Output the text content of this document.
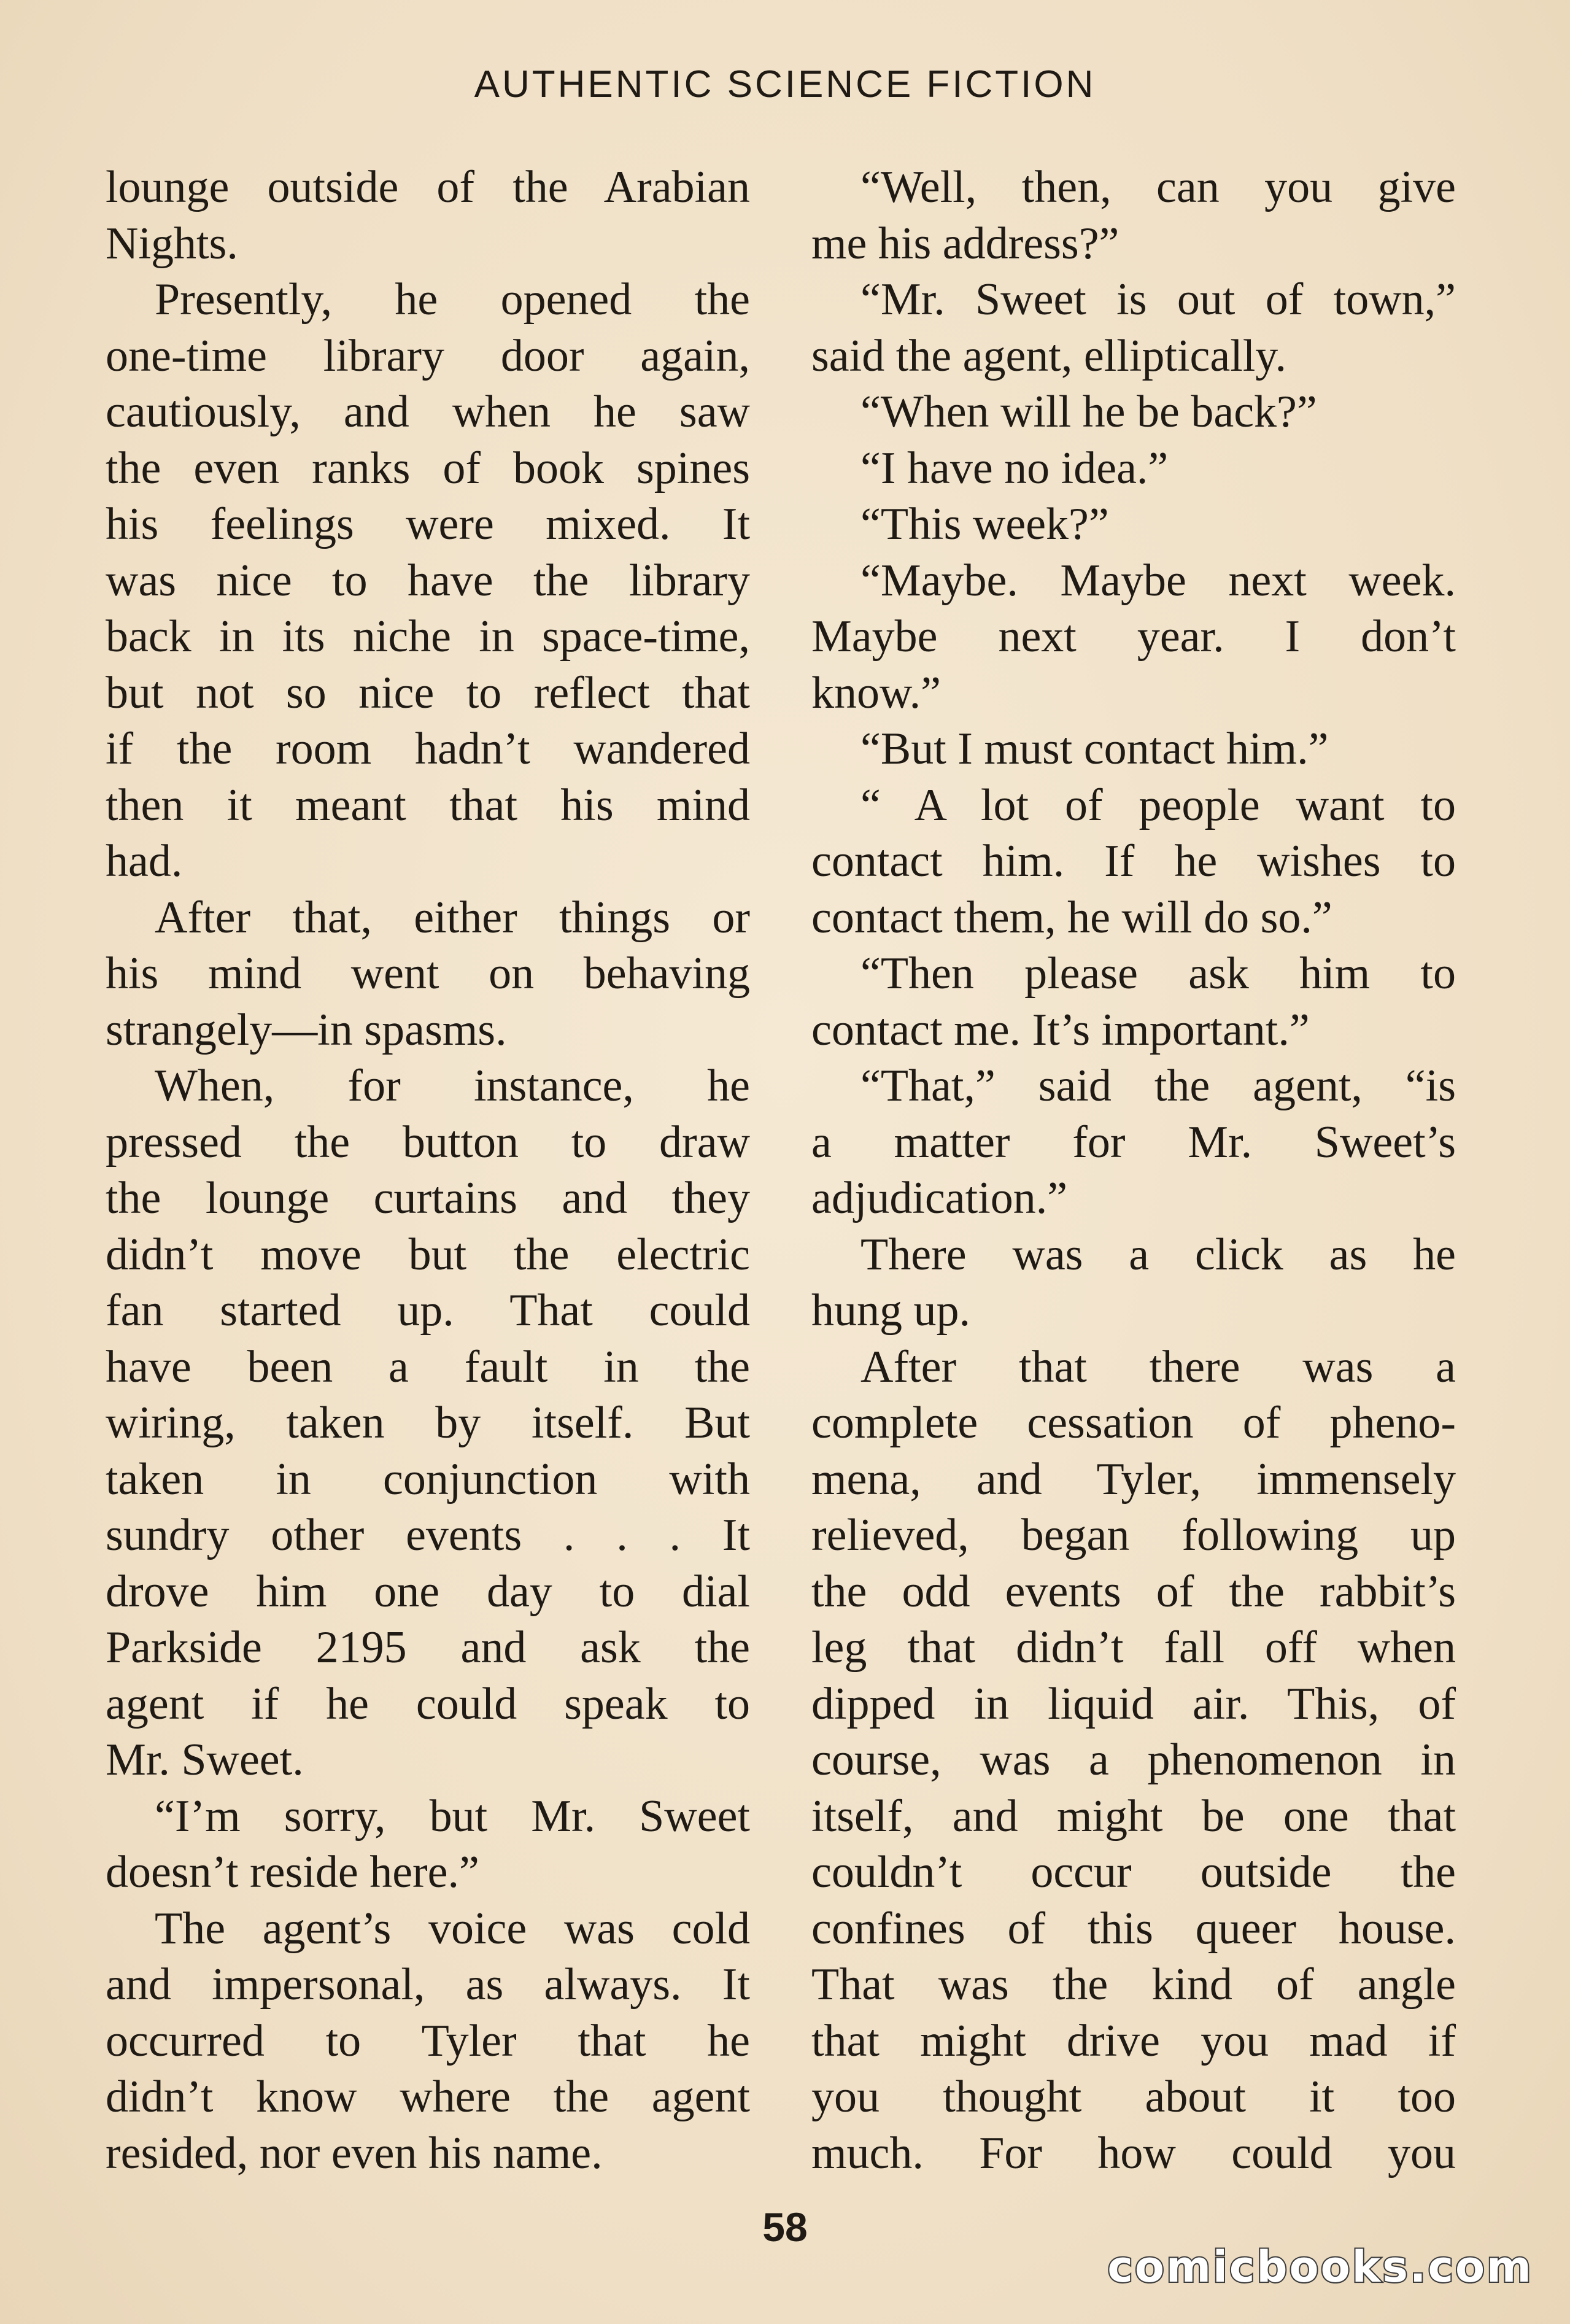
AUTHENTIC SCIENCE FICTION
lounge outside of the Arabian
Nights.
Presently, he opened the
one-time library door again,
cautiously, and when he saw
the even ranks of book spines
his feelings were mixed. It
was nice to have the library
back in its niche in space-time,
but not so nice to reflect that
if the room hadn’t wandered
then it meant that his mind
had.
After that, either things or
his mind went on behaving
strangely—in spasms.
When, for instance, he
pressed the button to draw
the lounge curtains and they
didn’t move but the electric
fan started up. That could
have been a fault in the
wiring, taken by itself. But
taken in conjunction with
sundry other events . . . It
drove him one day to dial
Parkside 2195 and ask the
agent if he could speak to
Mr. Sweet.
“I’m sorry, but Mr. Sweet
doesn’t reside here.”
The agent’s voice was cold
and impersonal, as always. It
occurred to Tyler that he
didn’t know where the agent
resided, nor even his name.
“Well, then, can you give
me his address?”
“Mr. Sweet is out of town,”
said the agent, elliptically.
“When will he be back?”
“I have no idea.”
“This week?”
“Maybe. Maybe next week.
Maybe next year. I don’t
know.”
“But I must contact him.”
“ A lot of people want to
contact him. If he wishes to
contact them, he will do so.”
“Then please ask him to
contact me. It’s important.”
“That,” said the agent, “is
a matter for Mr. Sweet’s
adjudication.”
There was a click as he
hung up.
After that there was a
complete cessation of pheno-
mena, and Tyler, immensely
relieved, began following up
the odd events of the rabbit’s
leg that didn’t fall off when
dipped in liquid air. This, of
course, was a phenomenon in
itself, and might be one that
couldn’t occur outside the
confines of this queer house.
That was the kind of angle
that might drive you mad if
you thought about it too
much. For how could you
58
comicbooks.com
